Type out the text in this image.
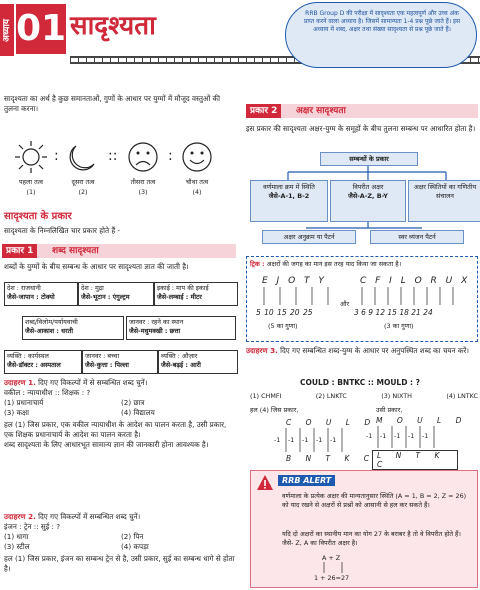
अध्याय 01 सादृश्यता	RRB Group D की परीक्षा में सादृश्यता एक महत्वपूर्ण और उच्च अंक प्राप्त करने वाला अध्याय है। जिसमें सामान्यतः 1-4 प्रश्न पूछे जाते हैं। इस अध्याय में शब्द, अक्षर तथा संख्या सादृश्यता से प्रश्न पूछे जाते हैं।
सादृश्यता का अर्थ है कुछ समानताओं, गुणों के आधार पर युग्मों में मौजूद वस्तुओं की तुलना करना।
:	::	:
पहला तत्व	दूसरा तत्व	तीसरा तत्व	चौथा तत्व
(1)	(2)	(3)	(4)
सादृश्यता के प्रकार
सादृश्यता के निम्नलिखित चार प्रकार होते हैं -
प्रकार 1	शब्द सादृश्यता
शब्दों के युग्मों के बीच सम्बन्ध के आधार पर सादृश्यता ज्ञात की जाती है।
देश : राजधानी
जैसे-जापान : टोक्यो
देश : मुद्रा
जैसे-भूटान : एंगुल्ट्रम
इकाई : माप की इकाई
जैसे-लम्बाई : मीटर
शब्द/विलोम/पर्यायवाची
जैसे-आकाश : धरती
जानवर : रहने का स्थान
जैसे-मधुमक्खी : छत्ता
व्यक्ति : कार्यस्थल
जैसे-डॉक्टर : अस्पताल
जानवर : बच्चा
जैसे-कुत्ता : पिल्ला
व्यक्ति : औज़ार
जैसे-बढ़ई : आरी
उदाहरण 1. दिए गए विकल्पों में से सम्बन्धित शब्द चुनें।
वकील : न्यायाधीश :: शिक्षक : ?
(1) प्रधानाचार्य	(2) छात्र
(3) कक्षा	(4) विद्यालय
हल (1) जिस प्रकार, एक वकील न्यायाधीश के आदेश का पालन करता है, उसी प्रकार, एक शिक्षक प्रधानाचार्य के आदेश का पालन करता है।
शब्द सादृश्यता के लिए आधारभूत सामान्य ज्ञान की जानकारी होना आवश्यक है।
उदाहरण 2. दिए गए विकल्पों में सम्बन्धित शब्द चुनें।
इंजन : ट्रेन :: सुई : ?
(1) धागा	(2) पिन
(3) स्टील	(4) कपड़ा
हल (1) जिस प्रकार, इंजन का सम्बन्ध ट्रेन से है, उसी प्रकार, सुई का सम्बन्ध धागे से होता है।
प्रकार 2	अक्षर सादृश्यता
इस प्रकार की सादृश्यता अक्षर-युग्म के समूहों के बीच तुलना सम्बन्ध पर आधारित होता है।
सम्बन्धों के प्रकार
वर्णमाला क्रम में स्थिति
जैसे-A-1, B-2
विपरीत अक्षर
जैसे-A-Z, B-Y
अक्षर स्थितियों का गणितीय संचालन
अक्षर अनुक्रम या पैटर्न	स्वर व्यंजन पैटर्न
ट्रिक : अक्षरों की जगह का मान इस तरह याद किया जा सकता है।
E J O T Y	C F I L O R U X
और
5 10 15 20 25	3 6 9 12 15 18 21 24
(5 का गुणा)	(3 का गुणा)
उदाहरण 3. दिए गए सम्बन्धित शब्द-युग्म के आधार पर अनुपस्थित शब्द का चयन करें।
COULD : BNTKC :: MOULD : ?
(1) CHMFI	(2) LNKTC	(3) NIXTH	(4) LNTKC
हल (4) जिस प्रकार,	उसी प्रकार,
C O U L D
B N T K C
M O U L D
L N T K C
-1 -1 -1 -1 -1	-1 -1 -1 -1 -1
RRB ALERT
वर्णमाला के प्रत्येक अक्षर की मान्यतानुसार स्थिति (A = 1, B = 2, Z = 26) को याद रखने से अक्षरों से प्रश्नों को आसानी से हल कर सकते हैं।
यदि दो अक्षरों का स्थानीय मान का योग 27 के बराबर है तो वे विपरीत होते हैं। जैसे- Z, A का विपरीत अक्षर है।
A + Z
1 + 26=27
